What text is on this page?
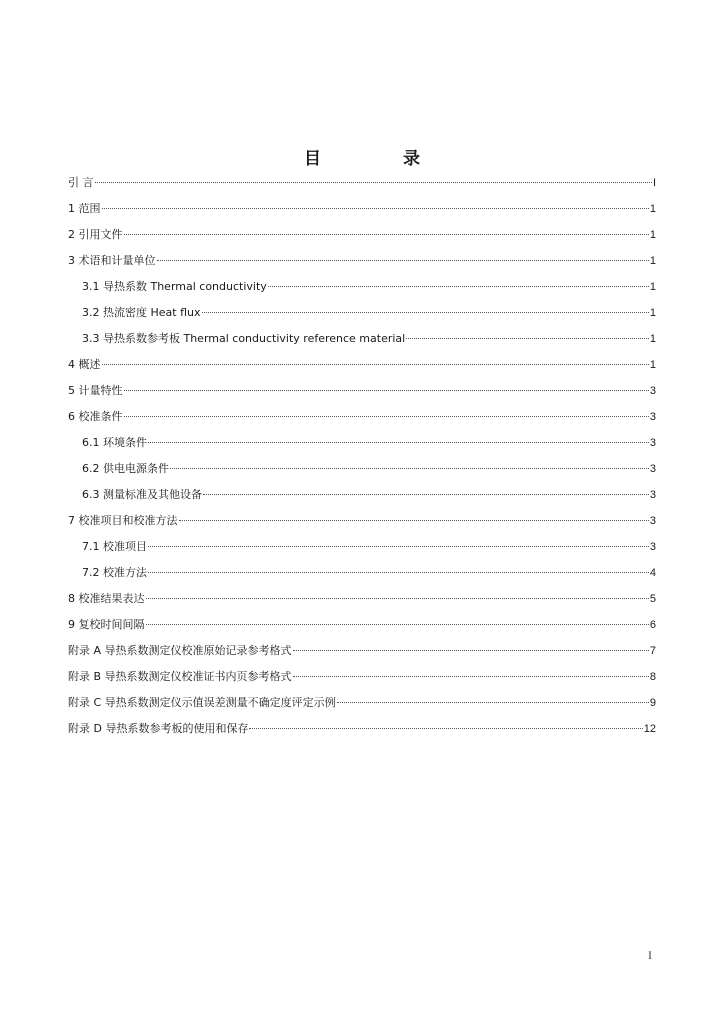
目 录
引 言	I
1 范围	1
2 引用文件	1
3 术语和计量单位	1
3.1 导热系数 Thermal conductivity	1
3.2 热流密度 Heat flux	1
3.3 导热系数参考板 Thermal conductivity reference material	1
4 概述	1
5 计量特性	3
6 校准条件	3
6.1 环境条件	3
6.2 供电电源条件	3
6.3 测量标准及其他设备	3
7 校准项目和校准方法	3
7.1 校准项目	3
7.2 校准方法	4
8 校准结果表达	5
9 复校时间间隔	6
附录 A 导热系数测定仪校准原始记录参考格式	7
附录 B 导热系数测定仪校准证书内页参考格式	8
附录 C 导热系数测定仪示值误差测量不确定度评定示例	9
附录 D 导热系数参考板的使用和保存	12
I
